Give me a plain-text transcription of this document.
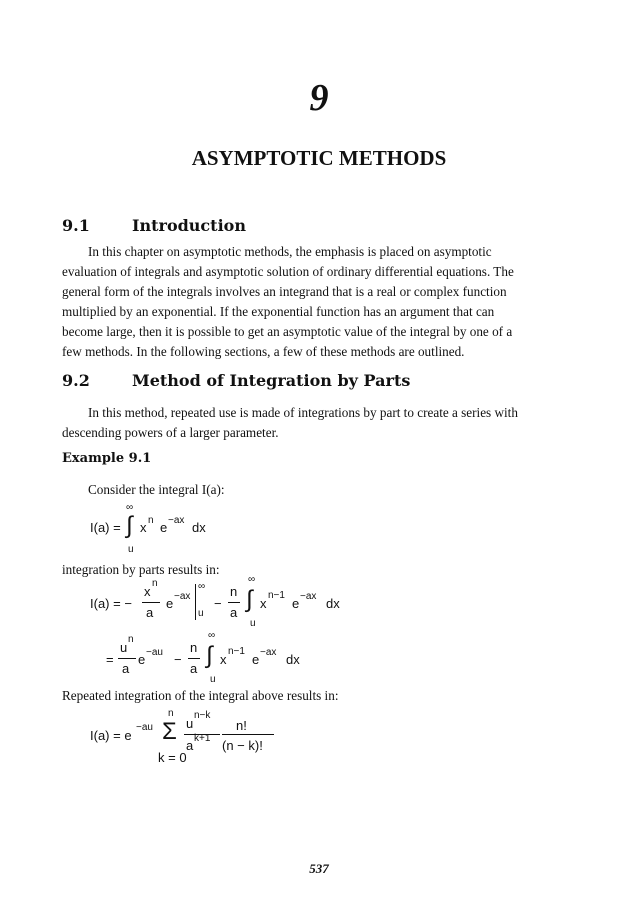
9
ASYMPTOTIC METHODS
9.1	Introduction
In this chapter on asymptotic methods, the emphasis is placed on asymptotic
evaluation of integrals and asymptotic solution of ordinary differential equations. The
general form of the integrals involves an integrand that is a real or complex function
multiplied by an exponential. If the exponential function has an argument that can
become large, then it is possible to get an asymptotic value of the integral by one of a
few methods. In the following sections, a few of these methods are outlined.
9.2	Method of Integration by Parts
In this method, repeated use is made of integrations by part to create a series with
descending powers of a larger parameter.
Example 9.1
Consider the integral I(a):
∞
I(a) = ∫ x n e −ax dx
u
integration by parts results in:
I(a) = −
x
n
a
e −ax
∞
u
−
n
a
∞
∫ x
n−1
e −ax dx
u
=
u
n
a
e −au −
n
a
∞
∫ x
n−1
e −ax dx
u
Repeated integration of the integral above results in:
I(a) = e
−au
n
Σ
k = 0
u
n−k
a k+1
n!
(n − k)!
537
